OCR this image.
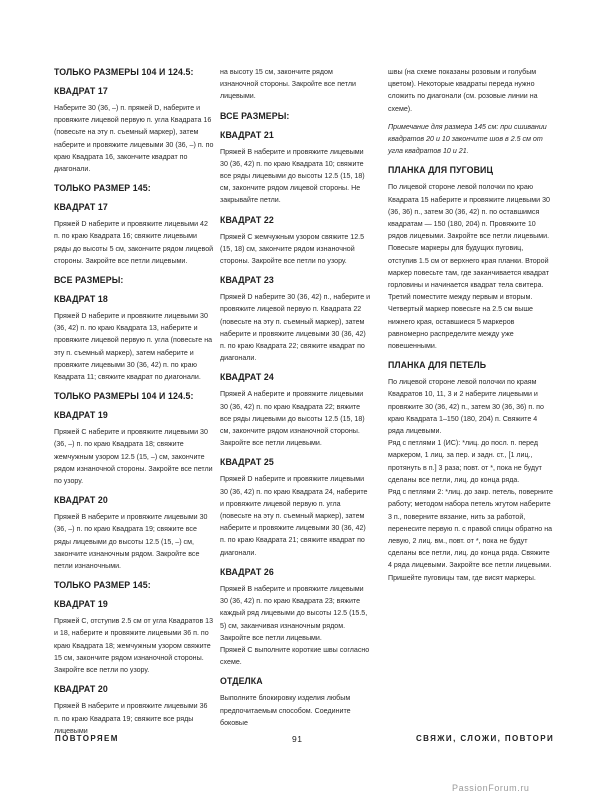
ТОЛЬКО РАЗМЕРЫ 104 И 124.5:
КВАДРАТ 17
Наберите 30 (36, –) п. пряжей D, наберите и провяжите лицевой первую п. угла Квадрата 16 (повесьте на эту п. съемный маркер), затем наберите и провяжите лицевыми 30 (36, –) п. по краю Квадрата 16, закончите квадрат по диагонали.
ТОЛЬКО РАЗМЕР 145:
КВАДРАТ 17
Пряжей D наберите и провяжите лицевыми 42 п. по краю Квадрата 16; свяжите лицевыми ряды до высоты 5 см, закончите рядом лицевой стороны. Закройте все петли лицевыми.
ВСЕ РАЗМЕРЫ:
КВАДРАТ 18
Пряжей D наберите и провяжите лицевыми 30 (36, 42) п. по краю Квадрата 13, наберите и провяжите лицевой первую п. угла (повесьте на эту п. съемный маркер), затем наберите и провяжите лицевыми 30 (36, 42) п. по краю Квадрата 11; свяжите квадрат по диагонали.
ТОЛЬКО РАЗМЕРЫ 104 И 124.5:
КВАДРАТ 19
Пряжей C наберите и провяжите лицевыми 30 (36, –) п. по краю Квадрата 18; свяжите жемчужным узором 12.5 (15, –) см, закончите рядом изнаночной стороны. Закройте все петли по узору.
КВАДРАТ 20
Пряжей B наберите и провяжите лицевыми 30 (36, –) п. по краю Квадрата 19; свяжите все ряды лицевыми до высоты 12.5 (15, –) см, закончите изнаночным рядом. Закройте все петли изнаночными.
ТОЛЬКО РАЗМЕР 145:
КВАДРАТ 19
Пряжей C, отступив 2.5 см от угла Квадратов 13 и 18, наберите и провяжите лицевыми 36 п. по краю Квадрата 18; жемчужным узором свяжите 15 см, закончите рядом изнаночной стороны. Закройте все петли по узору.
КВАДРАТ 20
Пряжей B наберите и провяжите лицевыми 36 п. по краю Квадрата 19; свяжите все ряды лицевыми
на высоту 15 см, закончите рядом изнаночной стороны. Закройте все петли лицевыми.
ВСЕ РАЗМЕРЫ:
КВАДРАТ 21
Пряжей B наберите и провяжите лицевыми 30 (36, 42) п. по краю Квадрата 10; свяжите все ряды лицевыми до высоты 12.5 (15, 18) см, закончите рядом лицевой стороны. Не закрывайте петли.
КВАДРАТ 22
Пряжей C жемчужным узором свяжите 12.5 (15, 18) см, закончите рядом изнаночной стороны. Закройте все петли по узору.
КВАДРАТ 23
Пряжей D наберите 30 (36, 42) п., наберите и провяжите лицевой первую п. Квадрата 22 (повесьте на эту п. съемный маркер), затем наберите и провяжите лицевыми 30 (36, 42) п. по краю Квадрата 22; свяжите квадрат по диагонали.
КВАДРАТ 24
Пряжей A наберите и провяжите лицевыми 30 (36, 42) п. по краю Квадрата 22; вяжите все ряды лицевыми до высоты 12.5 (15, 18) см, закончите рядом изнаночной стороны. Закройте все петли лицевыми.
КВАДРАТ 25
Пряжей D наберите и провяжите лицевыми 30 (36, 42) п. по краю Квадрата 24, наберите и провяжите лицевой первую п. угла (повесьте на эту п. съемный маркер), затем наберите и провяжите лицевыми 30 (36, 42) п. по краю Квадрата 21; свяжите квадрат по диагонали.
КВАДРАТ 26
Пряжей B наберите и провяжите лицевыми 30 (36, 42) п. по краю Квадрата 23; вяжите каждый ряд лицевыми до высоты 12.5 (15.5, 5) см, заканчивая изнаночным рядом. Закройте все петли лицевыми.
Пряжей C выполните короткие швы согласно схеме.
ОТДЕЛКА
Выполните блокировку изделия любым предпочитаемым способом. Соедините боковые
швы (на схеме показаны розовым и голубым цветом). Некоторые квадраты передa нужно сложить по диагонали (см. розовые линии на схеме).
Примечание для размера 145 см: при сшивании квадратов 20 и 10 закончите шов в 2.5 см от угла квадратов 10 и 21.
ПЛАНКА ДЛЯ ПУГОВИЦ
По лицевой стороне левой полочки по краю Квадрата 15 наберите и провяжите лицевыми 30 (36, 36) п., затем 30 (36, 42) п. по оставшимся квадратам — 150 (180, 204) п. Провяжите 10 рядов лицевыми. Закройте все петли лицевыми. Повесьте маркеры для будущих пуговиц, отступив 1.5 см от верхнего края планки. Второй маркер повесьте там, где заканчивается квадрат горловины и начинается квадрат тела свитера. Третий поместите между первым и вторым. Четвертый маркер повесьте на 2.5 см выше нижнего края, оставшиеся 5 маркеров равномерно распределите между уже повешенными.
ПЛАНКА ДЛЯ ПЕТЕЛЬ
По лицевой стороне левой полочки по краям Квадратов 10, 11, 3 и 2 наберите лицевыми и провяжите 30 (36, 42) п., затем 30 (36, 36) п. по краю Квадрата 1–150 (180, 204) п. Свяжите 4 ряда лицевыми.
Ряд с петлями 1 (ИС): *лиц. до посл. п. перед маркером, 1 лиц. за пер. и задн. ст., [1 лиц., протянуть в п.] 3 раза; повт. от *, пока не будут сделаны все петли, лиц. до конца ряда.
Ряд с петлями 2: *лиц. до закр. петель, поверните работу; методом набора петель жгутом наберите 3 п., поверните вязание, нить за работой, перенесите первую п. с правой спицы обратно на левую, 2 лиц. вм., повт. от *, пока не будут сделаны все петли, лиц. до конца ряда. Свяжите 4 ряда лицевыми. Закройте все петли лицевыми.
Пришейте пуговицы там, где висят маркеры.
ПОВТОРЯЕМ	91	СВЯЖИ, СЛОЖИ, ПОВТОРИ
PassionForum.ru
